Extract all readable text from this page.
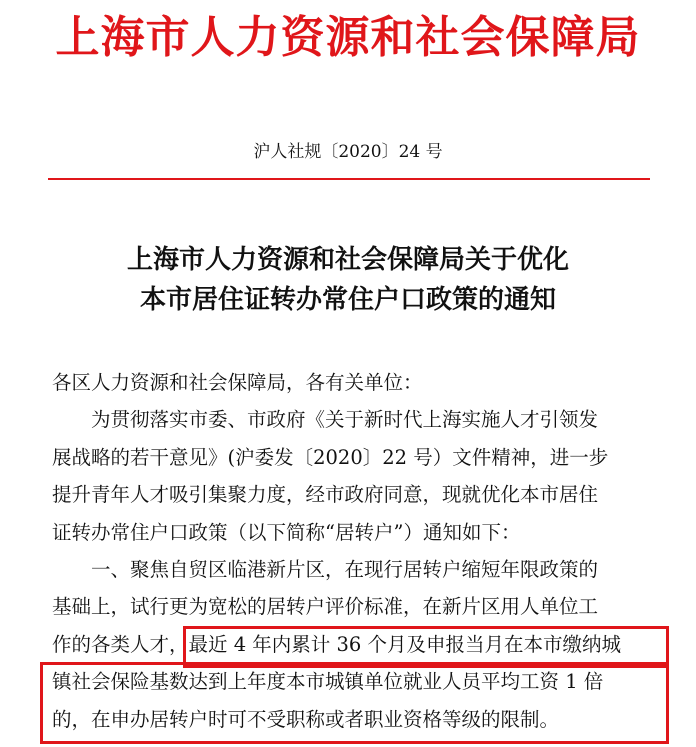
上海市人力资源和社会保障局
沪人社规〔2020〕24 号
上海市人力资源和社会保障局关于优化
本市居住证转办常住户口政策的通知
各区人力资源和社会保障局，各有关单位：
为贯彻落实市委、市政府《关于新时代上海实施人才引领发
展战略的若干意见》(沪委发〔2020〕22 号）文件精神，进一步
提升青年人才吸引集聚力度，经市政府同意，现就优化本市居住
证转办常住户口政策（以下简称“居转户”）通知如下：
一、聚焦自贸区临港新片区，在现行居转户缩短年限政策的
基础上，试行更为宽松的居转户评价标准，在新片区用人单位工
作的各类人才，最近 4 年内累计 36 个月及申报当月在本市缴纳城
镇社会保险基数达到上年度本市城镇单位就业人员平均工资 1 倍
的，在申办居转户时可不受职称或者职业资格等级的限制。
